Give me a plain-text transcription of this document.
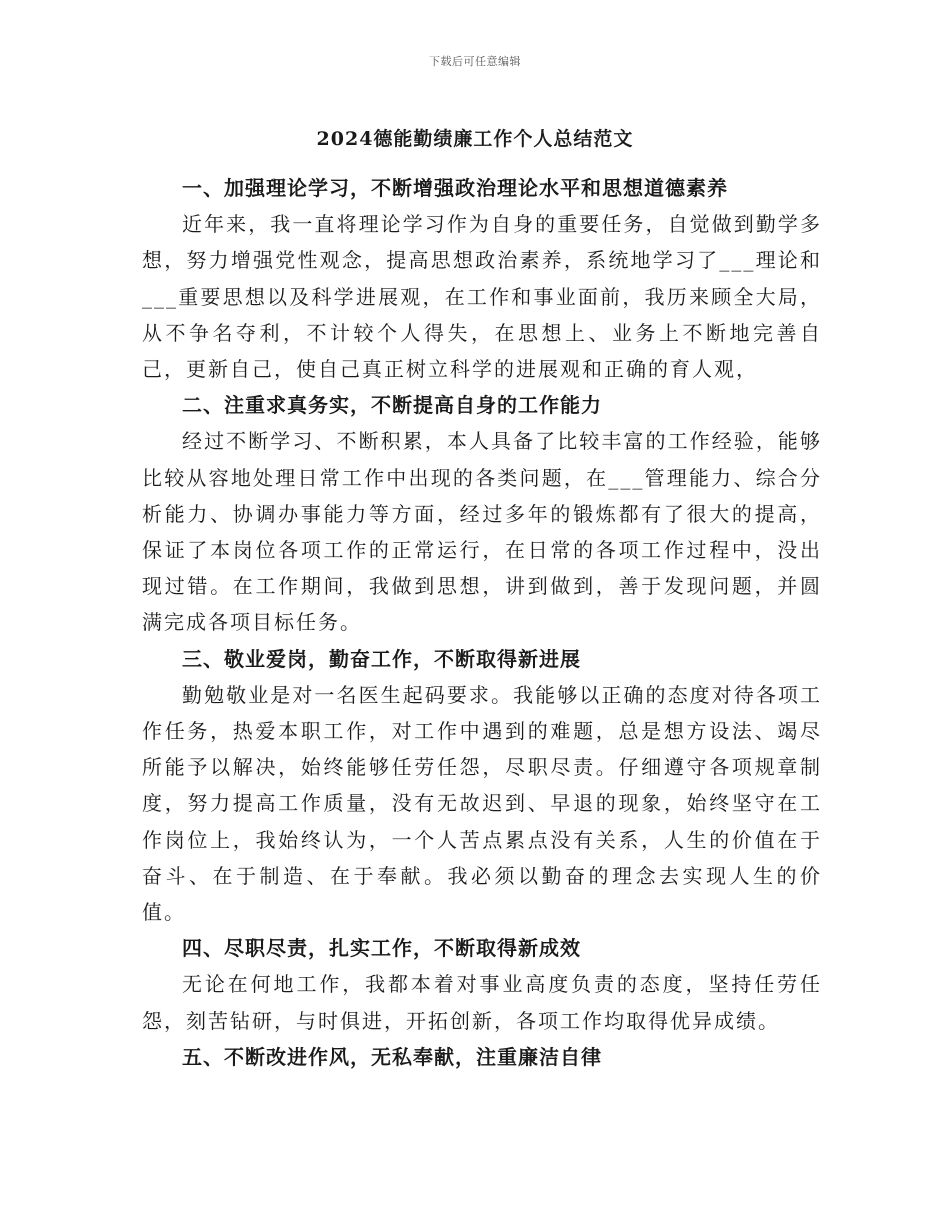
下载后可任意编辑
2024德能勤绩廉工作个人总结范文

一、加强理论学习，不断增强政治理论水平和思想道德素养

近年来，我一直将理论学习作为自身的重要任务，自觉做到勤学多想，努力增强党性观念，提高思想政治素养，系统地学习了___理论和___重要思想以及科学进展观，在工作和事业面前，我历来顾全大局，从不争名夺利，不计较个人得失，在思想上、业务上不断地完善自己，更新自己，使自己真正树立科学的进展观和正确的育人观，

二、注重求真务实，不断提高自身的工作能力

经过不断学习、不断积累，本人具备了比较丰富的工作经验，能够比较从容地处理日常工作中出现的各类问题，在___管理能力、综合分析能力、协调办事能力等方面，经过多年的锻炼都有了很大的提高，保证了本岗位各项工作的正常运行，在日常的各项工作过程中，没出现过错。在工作期间，我做到思想，讲到做到，善于发现问题，并圆满完成各项目标任务。

三、敬业爱岗，勤奋工作，不断取得新进展

勤勉敬业是对一名医生起码要求。我能够以正确的态度对待各项工作任务，热爱本职工作，对工作中遇到的难题，总是想方设法、竭尽所能予以解决，始终能够任劳任怨，尽职尽责。仔细遵守各项规章制度，努力提高工作质量，没有无故迟到、早退的现象，始终坚守在工作岗位上，我始终认为，一个人苦点累点没有关系，人生的价值在于奋斗、在于制造、在于奉献。我必须以勤奋的理念去实现人生的价值。

四、尽职尽责，扎实工作，不断取得新成效

无论在何地工作，我都本着对事业高度负责的态度，坚持任劳任怨，刻苦钻研，与时俱进，开拓创新，各项工作均取得优异成绩。

五、不断改进作风，无私奉献，注重廉洁自律
